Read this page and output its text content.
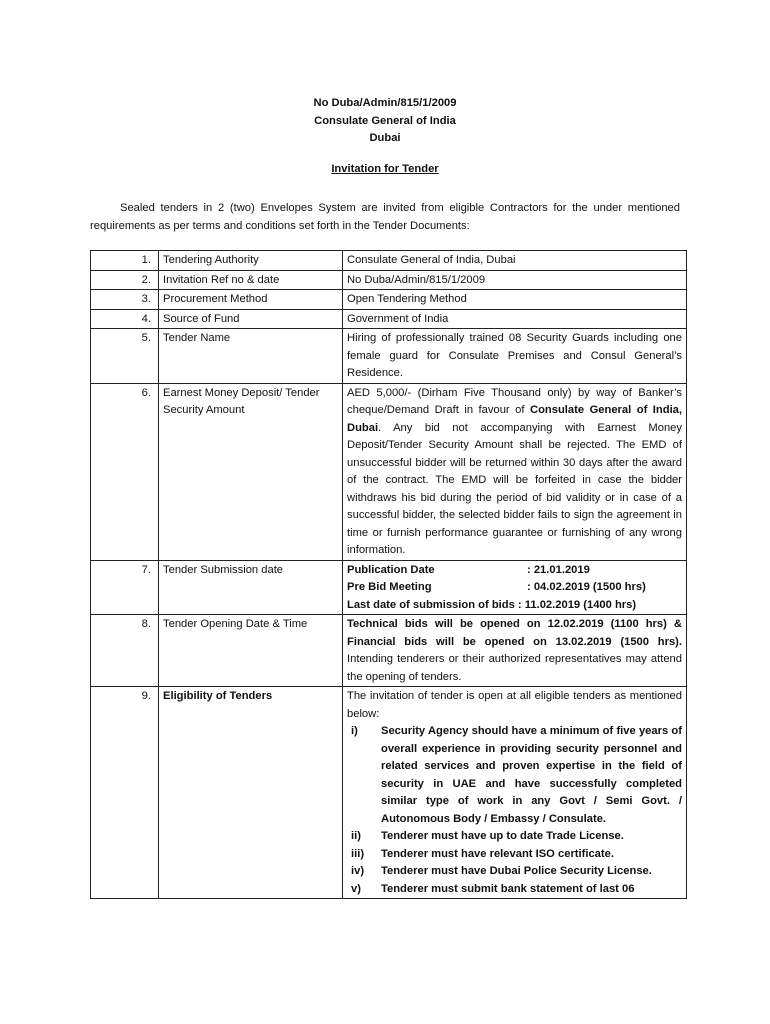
No Duba/Admin/815/1/2009
Consulate General of India
Dubai
Invitation for Tender
Sealed tenders in 2 (two) Envelopes System are invited from eligible Contractors for the under mentioned requirements as per terms and conditions set forth in the Tender Documents:
1.	Tendering Authority	Consulate General of India, Dubai
2.	Invitation Ref no & date	No Duba/Admin/815/1/2009
3.	Procurement Method	Open Tendering Method
4.	Source of Fund	Government of India
5.	Tender Name	Hiring of professionally trained 08 Security Guards including one female guard for Consulate Premises and Consul General’s Residence.
6.	Earnest Money Deposit/ Tender Security Amount	AED 5,000/- (Dirham Five Thousand only) by way of Banker’s cheque/Demand Draft in favour of Consulate General of India, Dubai. Any bid not accompanying with Earnest Money Deposit/Tender Security Amount shall be rejected. The EMD of unsuccessful bidder will be returned within 30 days after the award of the contract. The EMD will be forfeited in case the bidder withdraws his bid during the period of bid validity or in case of a successful bidder, the selected bidder fails to sign the agreement in time or furnish performance guarantee or furnishing of any wrong information.
7.	Tender Submission date		Publication Date	: 21.01.2019
Pre Bid Meeting	: 04.02.2019 (1500 hrs)
Last date of submission of bids : 11.02.2019 (1400 hrs)

8.	Tender Opening Date & Time	Technical bids will be opened on 12.02.2019 (1100 hrs) & Financial bids will be opened on 13.02.2019 (1500 hrs). Intending tenderers or their authorized representatives may attend the opening of tenders.
9.	Eligibility of Tenders	The invitation of tender is open at all eligible tenders as mentioned below:
i)	Security Agency should have a minimum of five years of overall experience in providing security personnel and related services and proven expertise in the field of security in UAE and have successfully completed similar type of work in any Govt / Semi Govt. / Autonomous Body / Embassy / Consulate.
ii)	Tenderer must have up to date Trade License.
iii)	Tenderer must have relevant ISO certificate.
iv)	Tenderer must have Dubai Police Security License.
v)	Tenderer must submit bank statement of last 06
